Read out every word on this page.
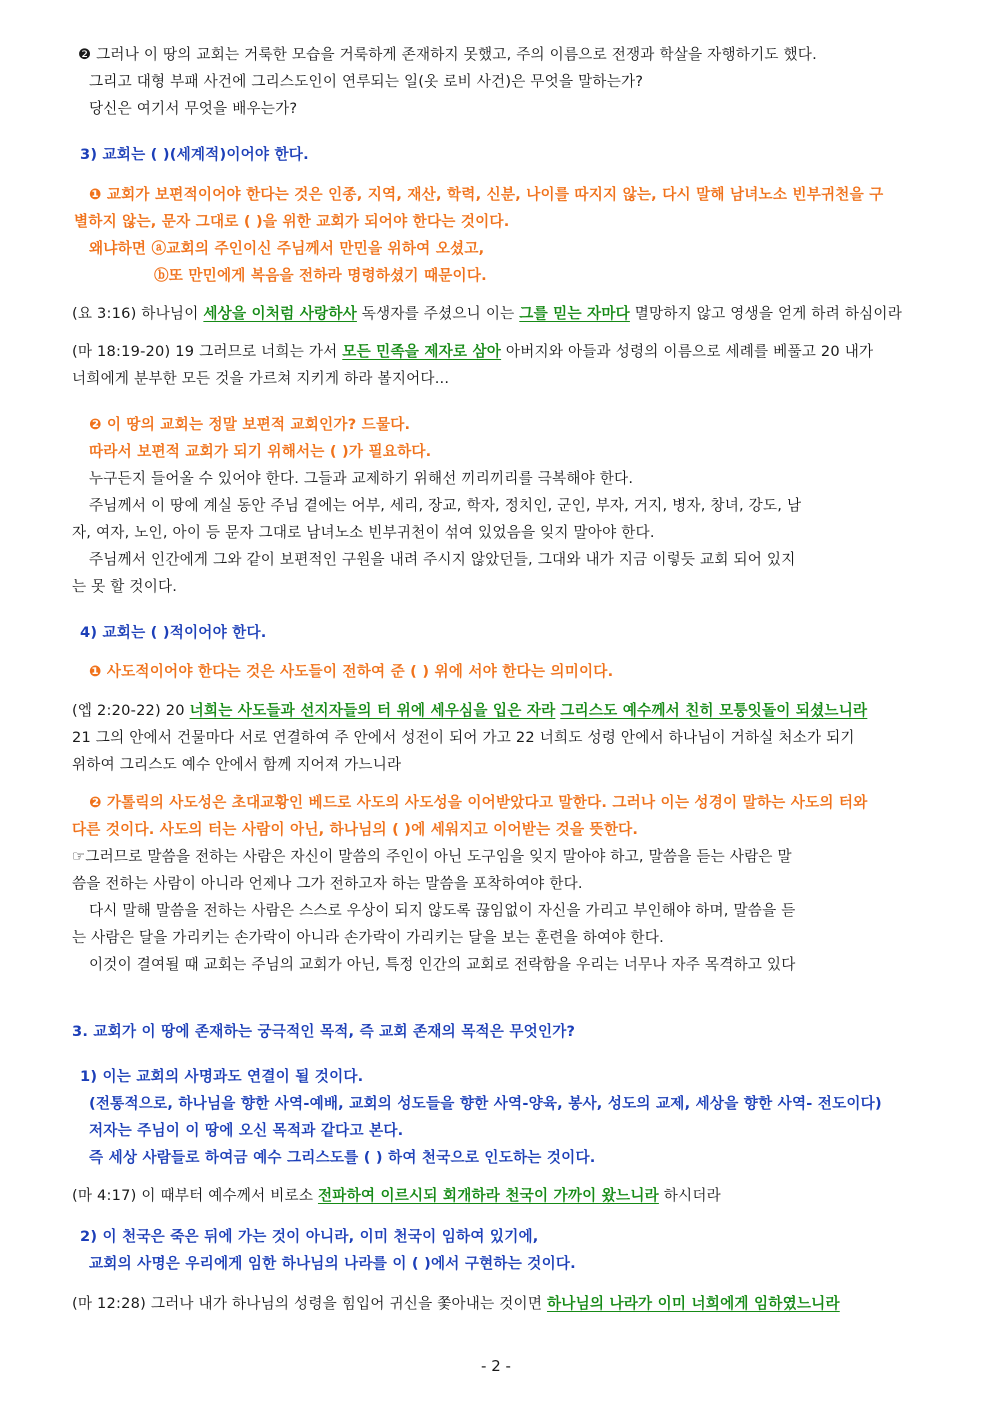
❷ 그러나 이 땅의 교회는 거룩한 모습을 거룩하게 존재하지 못했고, 주의 이름으로 전쟁과 학살을 자행하기도 했다.
그리고 대형 부패 사건에 그리스도인이 연루되는 일(옷 로비 사건)은 무엇을 말하는가?
당신은 여기서 무엇을 배우는가?
3) 교회는 ( )(세계적)이어야 한다.
❶ 교회가 보편적이어야 한다는 것은 인종, 지역, 재산, 학력, 신분, 나이를 따지지 않는, 다시 말해 남녀노소 빈부귀천을 구
별하지 않는, 문자 그대로 ( )을 위한 교회가 되어야 한다는 것이다.
왜냐하면 ⓐ교회의 주인이신 주님께서 만민을 위하여 오셨고,
ⓑ또 만민에게 복음을 전하라 명령하셨기 때문이다.
(요 3:16) 하나님이 세상을 이처럼 사랑하사 독생자를 주셨으니 이는 그를 믿는 자마다 멸망하지 않고 영생을 얻게 하려 하심이라
(마 18:19-20) 19 그러므로 너희는 가서 모든 민족을 제자로 삼아 아버지와 아들과 성령의 이름으로 세례를 베풀고 20 내가
너희에게 분부한 모든 것을 가르쳐 지키게 하라 볼지어다...
❷ 이 땅의 교회는 정말 보편적 교회인가? 드물다.
따라서 보편적 교회가 되기 위해서는 ( )가 필요하다.
누구든지 들어올 수 있어야 한다. 그들과 교제하기 위해선 끼리끼리를 극복해야 한다.
주님께서 이 땅에 계실 동안 주님 곁에는 어부, 세리, 장교, 학자, 정치인, 군인, 부자, 거지, 병자, 창녀, 강도, 남
자, 여자, 노인, 아이 등 문자 그대로 남녀노소 빈부귀천이 섞여 있었음을 잊지 말아야 한다.
주님께서 인간에게 그와 같이 보편적인 구원을 내려 주시지 않았던들, 그대와 내가 지금 이렇듯 교회 되어 있지
는 못 할 것이다.
4) 교회는 ( )적이어야 한다.
❶ 사도적이어야 한다는 것은 사도들이 전하여 준 ( ) 위에 서야 한다는 의미이다.
(엡 2:20-22) 20 너희는 사도들과 선지자들의 터 위에 세우심을 입은 자라 그리스도 예수께서 친히 모퉁잇돌이 되셨느니라
21 그의 안에서 건물마다 서로 연결하여 주 안에서 성전이 되어 가고 22 너희도 성령 안에서 하나님이 거하실 처소가 되기
위하여 그리스도 예수 안에서 함께 지어져 가느니라
❷ 가톨릭의 사도성은 초대교황인 베드로 사도의 사도성을 이어받았다고 말한다. 그러나 이는 성경이 말하는 사도의 터와
다른 것이다. 사도의 터는 사람이 아닌, 하나님의 ( )에 세워지고 이어받는 것을 뜻한다.
☞그러므로 말씀을 전하는 사람은 자신이 말씀의 주인이 아닌 도구임을 잊지 말아야 하고, 말씀을 듣는 사람은 말
씀을 전하는 사람이 아니라 언제나 그가 전하고자 하는 말씀을 포착하여야 한다.
다시 말해 말씀을 전하는 사람은 스스로 우상이 되지 않도록 끊임없이 자신을 가리고 부인해야 하며, 말씀을 듣
는 사람은 달을 가리키는 손가락이 아니라 손가락이 가리키는 달을 보는 훈련을 하여야 한다.
이것이 결여될 때 교회는 주님의 교회가 아닌, 특정 인간의 교회로 전락함을 우리는 너무나 자주 목격하고 있다
3. 교회가 이 땅에 존재하는 궁극적인 목적, 즉 교회 존재의 목적은 무엇인가?
1) 이는 교회의 사명과도 연결이 될 것이다.
(전통적으로, 하나님을 향한 사역-예배, 교회의 성도들을 향한 사역-양육, 봉사, 성도의 교제, 세상을 향한 사역- 전도이다)
저자는 주님이 이 땅에 오신 목적과 같다고 본다.
즉 세상 사람들로 하여금 예수 그리스도를 ( ) 하여 천국으로 인도하는 것이다.
(마 4:17) 이 때부터 예수께서 비로소 전파하여 이르시되 회개하라 천국이 가까이 왔느니라 하시더라
2) 이 천국은 죽은 뒤에 가는 것이 아니라, 이미 천국이 임하여 있기에,
교회의 사명은 우리에게 임한 하나님의 나라를 이 ( )에서 구현하는 것이다.
(마 12:28) 그러나 내가 하나님의 성령을 힘입어 귀신을 쫓아내는 것이면 하나님의 나라가 이미 너희에게 임하였느니라
- 2 -
